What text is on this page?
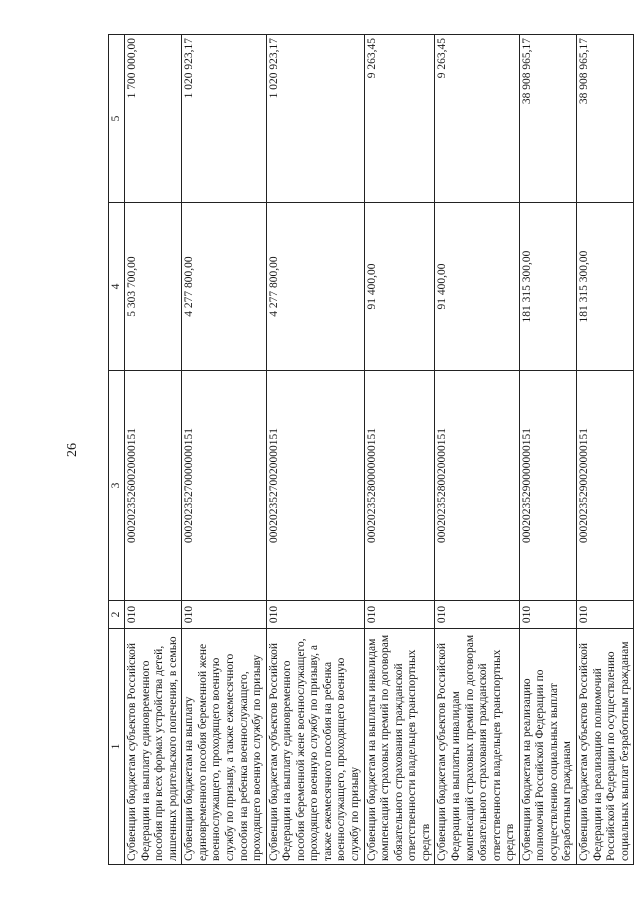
26
1	2	3	4	5
Субвенции бюджетам субъектов Российской Федерации на выплату единовременного пособия при всех формах устройства детей, лишенных родительского попечения, в семью	010	00020235260020000151	5 303 700,00	1 700 000,00
Субвенции бюджетам на выплату единовременного пособия беременной жене военнослужащего, проходящего военную службу по призыву, а также ежемесячного пособия на ребенка военнослужащего, проходящего военную службу по призыву	010	00020235270000000151	4 277 800,00	1 020 923,17
Субвенции бюджетам субъектов Российской Федерации на выплату единовременного пособия беременной жене военнослужащего, проходящего военную службу по призыву, а также ежемесячного пособия на ребенка военнослужащего, проходящего военную службу по призыву	010	00020235270020000151	4 277 800,00	1 020 923,17
Субвенции бюджетам на выплаты инвалидам компенсаций страховых премий по договорам обязательного страхования гражданской ответственности владельцев транспортных средств	010	00020235280000000151	91 400,00	9 263,45
Субвенции бюджетам субъектов Российской Федерации на выплаты инвалидам компенсаций страховых премий по договорам обязательного страхования гражданской ответственности владельцев транспортных средств	010	00020235280020000151	91 400,00	9 263,45
Субвенции бюджетам на реализацию полномочий Российской Федерации по осуществлению социальных выплат безработным гражданам	010	00020235290000000151	181 315 300,00	38 908 965,17
Субвенции бюджетам субъектов Российской Федерации на реализацию полномочий Российской Федерации по осуществлению социальных выплат безработным гражданам	010	00020235290020000151	181 315 300,00	38 908 965,17
